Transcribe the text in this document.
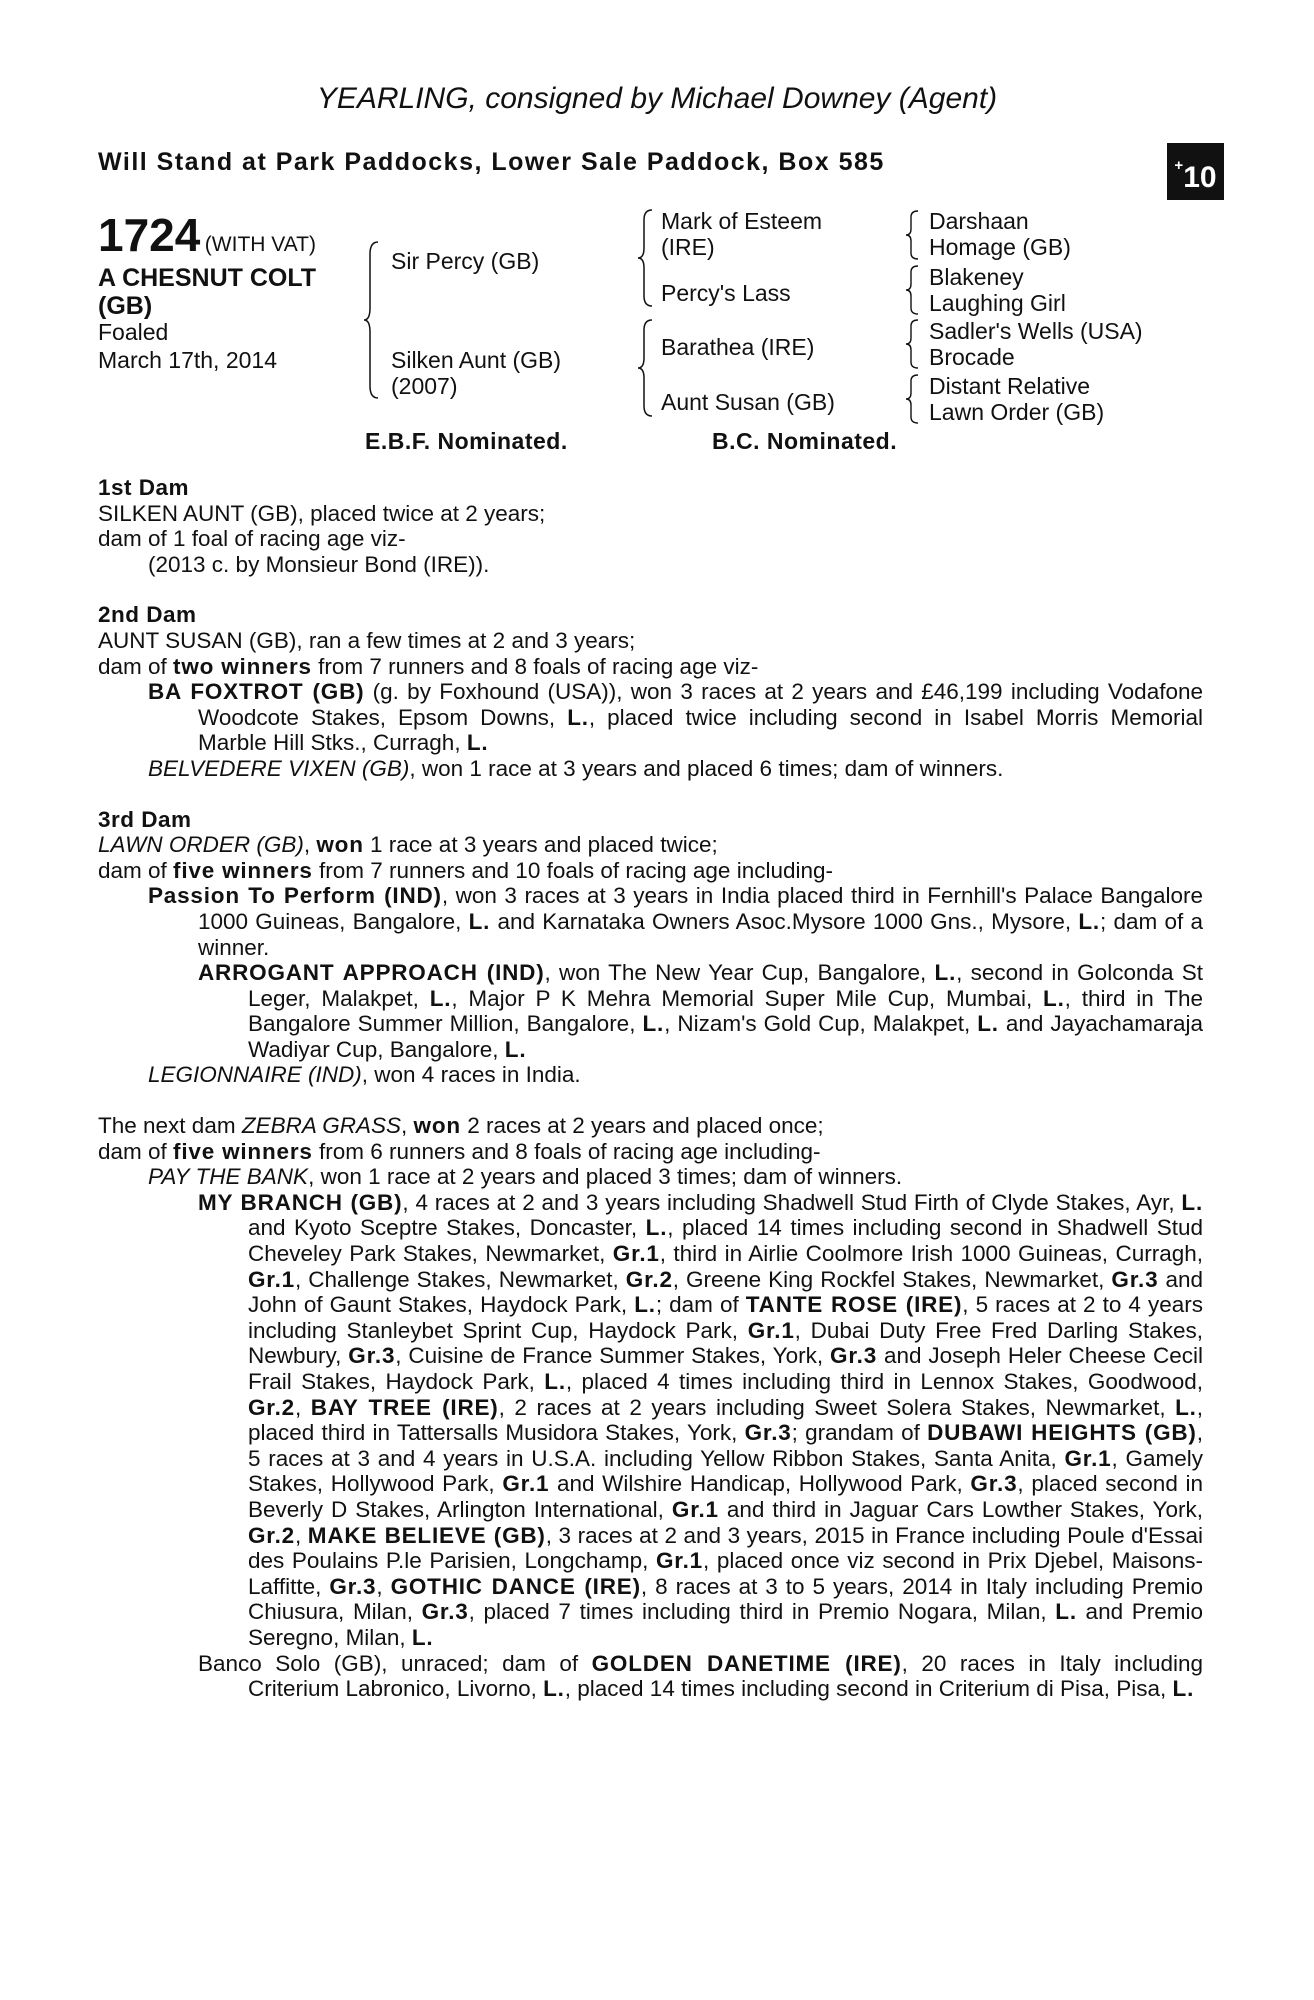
YEARLING, consigned by Michael Downey (Agent)
Will Stand at Park Paddocks, Lower Sale Paddock, Box 585	+10
1724 (WITH VAT)
A CHESNUT COLT (GB)
Foaled
March 17th, 2014
Sir Percy (GB)
Silken Aunt (GB)
(2007)
Mark of Esteem
(IRE)
Percy's Lass
Barathea (IRE)
Aunt Susan (GB)
Darshaan
Homage (GB)
Blakeney
Laughing Girl
Sadler's Wells (USA)
Brocade
Distant Relative
Lawn Order (GB)
E.B.F. Nominated.	B.C. Nominated.
1st Dam
SILKEN AUNT (GB), placed twice at 2 years;
dam of 1 foal of racing age viz-
(2013 c. by Monsieur Bond (IRE)).
2nd Dam
AUNT SUSAN (GB), ran a few times at 2 and 3 years;
dam of two winners from 7 runners and 8 foals of racing age viz-
BA FOXTROT (GB) (g. by Foxhound (USA)), won 3 races at 2 years and £46,199 including Vodafone Woodcote Stakes, Epsom Downs, L., placed twice including second in Isabel Morris Memorial Marble Hill Stks., Curragh, L.
BELVEDERE VIXEN (GB), won 1 race at 3 years and placed 6 times; dam of winners.
3rd Dam
LAWN ORDER (GB), won 1 race at 3 years and placed twice;
dam of five winners from 7 runners and 10 foals of racing age including-
Passion To Perform (IND), won 3 races at 3 years in India placed third in Fernhill's Palace Bangalore 1000 Guineas, Bangalore, L. and Karnataka Owners Asoc.Mysore 1000 Gns., Mysore, L.; dam of a winner.
ARROGANT APPROACH (IND), won The New Year Cup, Bangalore, L., second in Golconda St Leger, Malakpet, L., Major P K Mehra Memorial Super Mile Cup, Mumbai, L., third in The Bangalore Summer Million, Bangalore, L., Nizam's Gold Cup, Malakpet, L. and Jayachamaraja Wadiyar Cup, Bangalore, L.
LEGIONNAIRE (IND), won 4 races in India.
The next dam ZEBRA GRASS, won 2 races at 2 years and placed once;
dam of five winners from 6 runners and 8 foals of racing age including-
PAY THE BANK, won 1 race at 2 years and placed 3 times; dam of winners.
MY BRANCH (GB), 4 races at 2 and 3 years including Shadwell Stud Firth of Clyde Stakes, Ayr, L. and Kyoto Sceptre Stakes, Doncaster, L., placed 14 times including second in Shadwell Stud Cheveley Park Stakes, Newmarket, Gr.1, third in Airlie Coolmore Irish 1000 Guineas, Curragh, Gr.1, Challenge Stakes, Newmarket, Gr.2, Greene King Rockfel Stakes, Newmarket, Gr.3 and John of Gaunt Stakes, Haydock Park, L.; dam of TANTE ROSE (IRE), 5 races at 2 to 4 years including Stanleybet Sprint Cup, Haydock Park, Gr.1, Dubai Duty Free Fred Darling Stakes, Newbury, Gr.3, Cuisine de France Summer Stakes, York, Gr.3 and Joseph Heler Cheese Cecil Frail Stakes, Haydock Park, L., placed 4 times including third in Lennox Stakes, Goodwood, Gr.2, BAY TREE (IRE), 2 races at 2 years including Sweet Solera Stakes, Newmarket, L., placed third in Tattersalls Musidora Stakes, York, Gr.3; grandam of DUBAWI HEIGHTS (GB), 5 races at 3 and 4 years in U.S.A. including Yellow Ribbon Stakes, Santa Anita, Gr.1, Gamely Stakes, Hollywood Park, Gr.1 and Wilshire Handicap, Hollywood Park, Gr.3, placed second in Beverly D Stakes, Arlington International, Gr.1 and third in Jaguar Cars Lowther Stakes, York, Gr.2, MAKE BELIEVE (GB), 3 races at 2 and 3 years, 2015 in France including Poule d'Essai des Poulains P.le Parisien, Longchamp, Gr.1, placed once viz second in Prix Djebel, Maisons-Laffitte, Gr.3, GOTHIC DANCE (IRE), 8 races at 3 to 5 years, 2014 in Italy including Premio Chiusura, Milan, Gr.3, placed 7 times including third in Premio Nogara, Milan, L. and Premio Seregno, Milan, L.
Banco Solo (GB), unraced; dam of GOLDEN DANETIME (IRE), 20 races in Italy including Criterium Labronico, Livorno, L., placed 14 times including second in Criterium di Pisa, Pisa, L.
